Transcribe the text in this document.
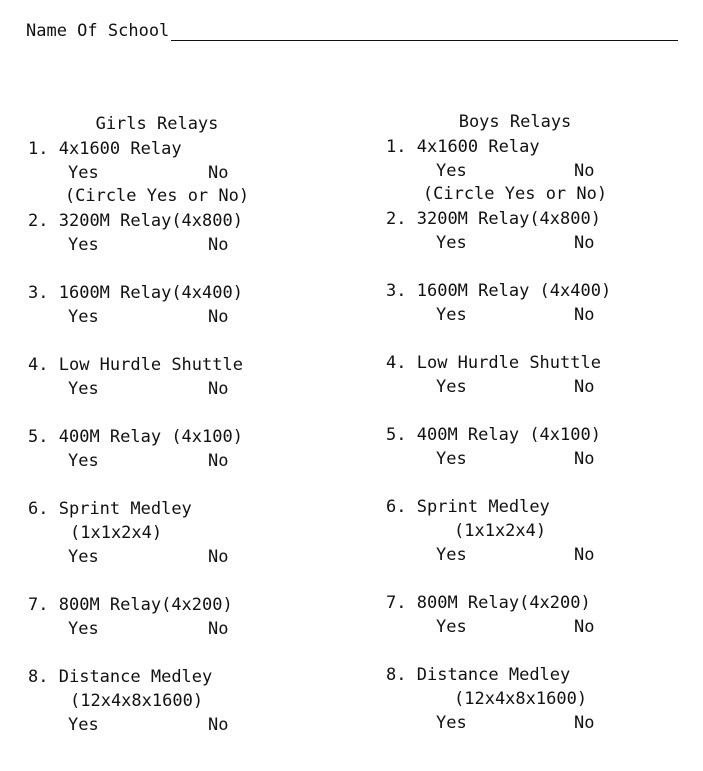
Name Of School

Girls Relays

(Circle Yes or No)

Boys Relays

(Circle Yes or No)

1. 4x1600 Relay
Yes	No
2. 3200M Relay(4x800)
Yes	No
3. 1600M Relay(4x400)
Yes	No
4. Low Hurdle Shuttle
Yes	No
5. 400M Relay (4x100)
Yes	No
6. Sprint Medley
(1x1x2x4)
Yes	No
7. 800M Relay(4x200)
Yes	No
8. Distance Medley
(12x4x8x1600)
Yes	No
1. 4x1600 Relay
Yes	No
2. 3200M Relay(4x800)
Yes	No
3. 1600M Relay (4x400)
Yes	No
4. Low Hurdle Shuttle
Yes	No
5. 400M Relay (4x100)
Yes	No
6. Sprint Medley
(1x1x2x4)
Yes	No
7. 800M Relay(4x200)
Yes	No
8. Distance Medley
(12x4x8x1600)
Yes	No
